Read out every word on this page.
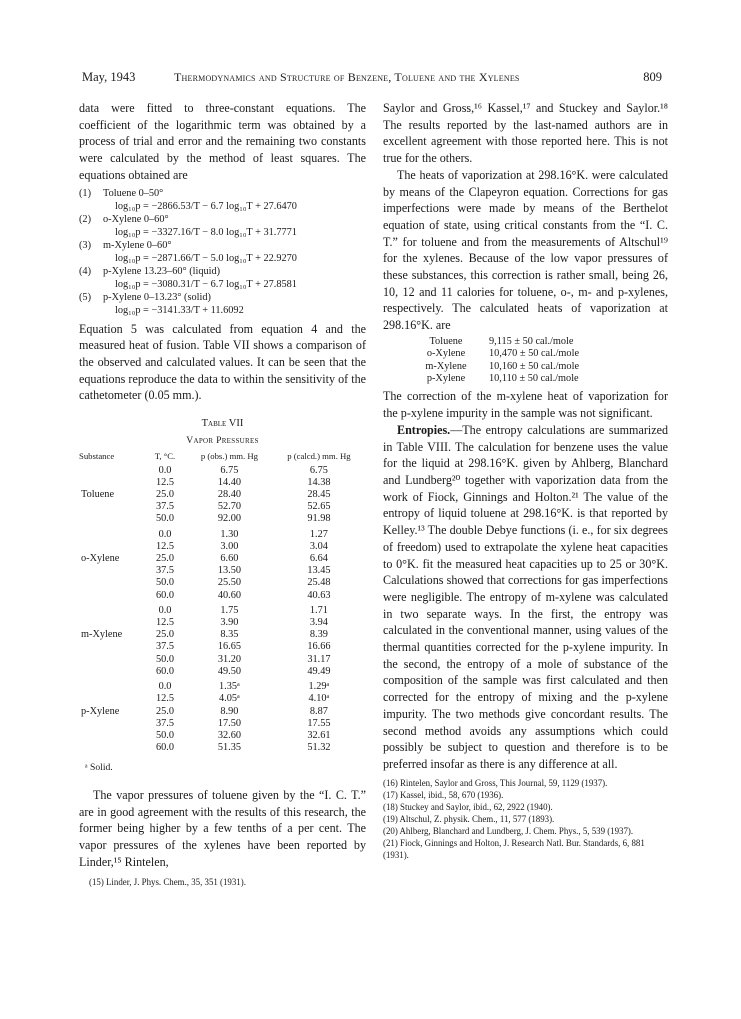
May, 1943	Thermodynamics and Structure of Benzene, Toluene and the Xylenes	809

data were fitted to three-constant equations. The coefficient of the logarithmic term was obtained by a process of trial and error and the remaining two constants were calculated by the method of least squares. The equations obtained are

(1)	Toluene 0–50°
log₁₀p = −2866.53/T − 6.7 log₁₀T + 27.6470
(2)	o-Xylene 0–60°
log₁₀p = −3327.16/T − 8.0 log₁₀T + 31.7771
(3)	m-Xylene 0–60°
log₁₀p = −2871.66/T − 5.0 log₁₀T + 22.9270
(4)	p-Xylene 13.23–60° (liquid)
log₁₀p = −3080.31/T − 6.7 log₁₀T + 27.8581
(5)	p-Xylene 0–13.23° (solid)
log₁₀p = −3141.33/T + 11.6092

Equation 5 was calculated from equation 4 and the measured heat of fusion. Table VII shows a comparison of the observed and calculated values. It can be seen that the equations reproduce the data to within the sensitivity of the cathetometer (0.05 mm.).

Table VII
Vapor Pressures
Substance	T, °C.	p (obs.) mm. Hg	p (calcd.) mm. Hg
	0.0	6.75	6.75
	12.5	14.40	14.38
Toluene	25.0	28.40	28.45
	37.5	52.70	52.65
	50.0	92.00	91.98
	0.0	1.30	1.27
	12.5	3.00	3.04
o-Xylene	25.0	6.60	6.64
	37.5	13.50	13.45
	50.0	25.50	25.48
	60.0	40.60	40.63
	0.0	1.75	1.71
	12.5	3.90	3.94
m-Xylene	25.0	8.35	8.39
	37.5	16.65	16.66
	50.0	31.20	31.17
	60.0	49.50	49.49
	0.0	1.35ᵃ	1.29ᵃ
	12.5	4.05ᵃ	4.10ᵃ
p-Xylene	25.0	8.90	8.87
	37.5	17.50	17.55
	50.0	32.60	32.61
	60.0	51.35	51.32
ᵃ Solid.

The vapor pressures of toluene given by the “I. C. T.” are in good agreement with the results of this research, the former being higher by a few tenths of a per cent. The vapor pressures of the xylenes have been reported by Linder,¹⁵ Rintelen,

(15) Linder, J. Phys. Chem., 35, 351 (1931).

Saylor and Gross,¹⁶ Kassel,¹⁷ and Stuckey and Saylor.¹⁸ The results reported by the last-named authors are in excellent agreement with those reported here. This is not true for the others.

The heats of vaporization at 298.16°K. were calculated by means of the Clapeyron equation. Corrections for gas imperfections were made by means of the Berthelot equation of state, using critical constants from the “I. C. T.” for toluene and from the measurements of Altschul¹⁹ for the xylenes. Because of the low vapor pressures of these substances, this correction is rather small, being 26, 10, 12 and 11 calories for toluene, o-, m- and p-xylenes, respectively. The calculated heats of vaporization at 298.16°K. are

Toluene	9,115 ± 50 cal./mole
o-Xylene	10,470 ± 50 cal./mole
m-Xylene	10,160 ± 50 cal./mole
p-Xylene	10,110 ± 50 cal./mole

The correction of the m-xylene heat of vaporization for the p-xylene impurity in the sample was not significant.

Entropies.—The entropy calculations are summarized in Table VIII. The calculation for benzene uses the value for the liquid at 298.16°K. given by Ahlberg, Blanchard and Lundberg²⁰ together with vaporization data from the work of Fiock, Ginnings and Holton.²¹ The value of the entropy of liquid toluene at 298.16°K. is that reported by Kelley.¹³ The double Debye functions (i. e., for six degrees of freedom) used to extrapolate the xylene heat capacities to 0°K. fit the measured heat capacities up to 25 or 30°K. Calculations showed that corrections for gas imperfections were negligible. The entropy of m-xylene was calculated in two separate ways. In the first, the entropy was calculated in the conventional manner, using values of the thermal quantities corrected for the p-xylene impurity. In the second, the entropy of a mole of substance of the composition of the sample was first calculated and then corrected for the entropy of mixing and the p-xylene impurity. The two methods give concordant results. The second method avoids any assumptions which could possibly be subject to question and therefore is to be preferred insofar as there is any difference at all.

(16) Rintelen, Saylor and Gross, This Journal, 59, 1129 (1937).
(17) Kassel, ibid., 58, 670 (1936).
(18) Stuckey and Saylor, ibid., 62, 2922 (1940).
(19) Altschul, Z. physik. Chem., 11, 577 (1893).
(20) Ahlberg, Blanchard and Lundberg, J. Chem. Phys., 5, 539 (1937).
(21) Fiock, Ginnings and Holton, J. Research Natl. Bur. Standards, 6, 881 (1931).
